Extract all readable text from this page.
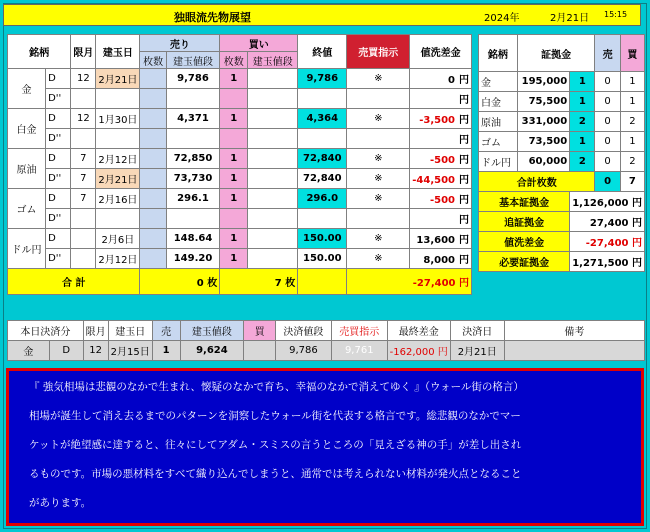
独眼流先物展望	2024年	2月21日 15:15
銘柄		限月	建玉日	売り		買い		終値	売買指示	値洗差金
				枚数	建玉値段	枚数	建玉値段			
金	D	12	2月21日		9,786	1		9,786	※	0 円
	D''									円
白金	D	12	1月30日		4,371	1		4,364	※	-3,500 円
	D''									円
原油	D	7	2月12日		72,850	1		72,840	※	-500 円
	D''	7	2月21日		73,730	1		72,840	※	-44,500 円
ゴム	D	7	2月16日		296.1	1		296.0	※	-500 円
	D''									円
ドル円	D		2月6日		148.64	1		150.00	※	13,600 円
	D''		2月12日		149.20	1		150.00	※	8,000 円
合 計				0 枚		7 枚			-27,400 円	
銘柄	証拠金		売	買
金	195,000	1	0	1
白金	75,500	1	0	1
原油	331,000	2	0	2
ゴム	73,500	1	0	1
ドル円	60,000	2	0	2
合計枚数			0	7
基本証拠金		1,126,000 円		
追証拠金		27,400 円		
値洗差金		-27,400 円		
必要証拠金		1,271,500 円		
本日決済分		限月	建玉日	売	建玉値段	買	決済値段	売買指示	最終差金	決済日	備考
金	D	12	2月15日	1	9,624		9,786	9,761	-162,000 円	2月21日	

『 強気相場は悲観のなかで生まれ、懐疑のなかで育ち、幸福のなかで消えてゆく 』（ウォール街の格言）

相場が誕生して消え去るまでのパターンを洞察したウォール街を代表する格言です。総悲観のなかでマー

ケットが絶望感に達すると、往々にしてアダム・スミスの言うところの「見えざる神の手」が差し出され

るものです。市場の悪材料をすべて織り込んでしまうと、通常では考えられない材料が発火点となること

があります。
